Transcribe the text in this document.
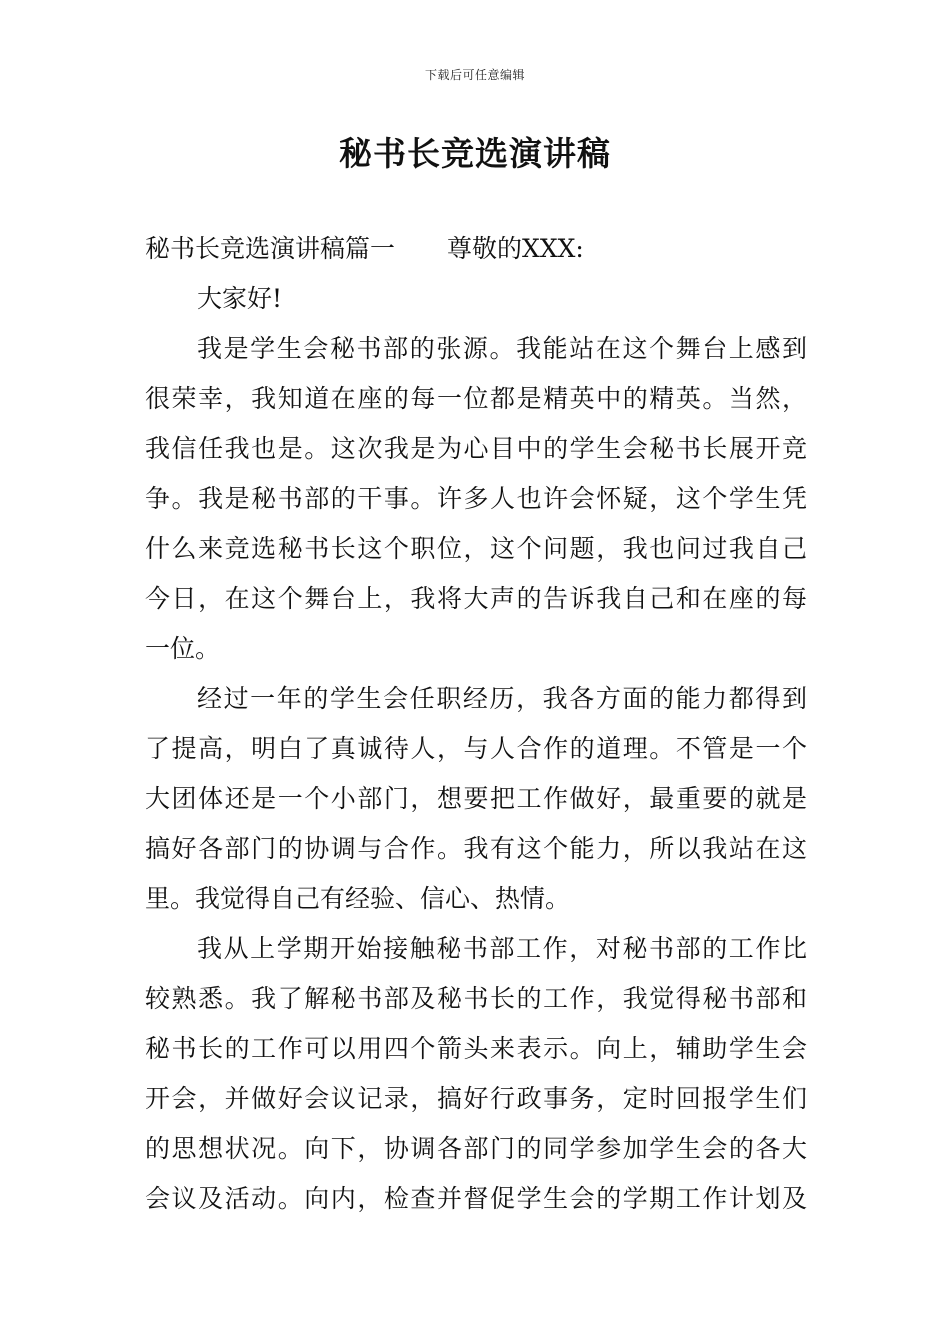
下载后可任意编辑
秘书长竞选演讲稿

秘书长竞选演讲稿篇一 尊敬的XXX:

大家好!

我是学生会秘书部的张源。我能站在这个舞台上感到
很荣幸，我知道在座的每一位都是精英中的精英。当然，
我信任我也是。这次我是为心目中的学生会秘书长展开竞
争。我是秘书部的干事。许多人也许会怀疑，这个学生凭
什么来竞选秘书长这个职位，这个问题，我也问过我自己
今日，在这个舞台上，我将大声的告诉我自己和在座的每
一位。

经过一年的学生会任职经历，我各方面的能力都得到
了提高，明白了真诚待人，与人合作的道理。不管是一个
大团体还是一个小部门，想要把工作做好，最重要的就是
搞好各部门的协调与合作。我有这个能力，所以我站在这
里。我觉得自己有经验、信心、热情。

我从上学期开始接触秘书部工作，对秘书部的工作比
较熟悉。我了解秘书部及秘书长的工作，我觉得秘书部和
秘书长的工作可以用四个箭头来表示。向上，辅助学生会
开会，并做好会议记录，搞好行政事务，定时回报学生们
的思想状况。向下，协调各部门的同学参加学生会的各大
会议及活动。向内，检查并督促学生会的学期工作计划及
